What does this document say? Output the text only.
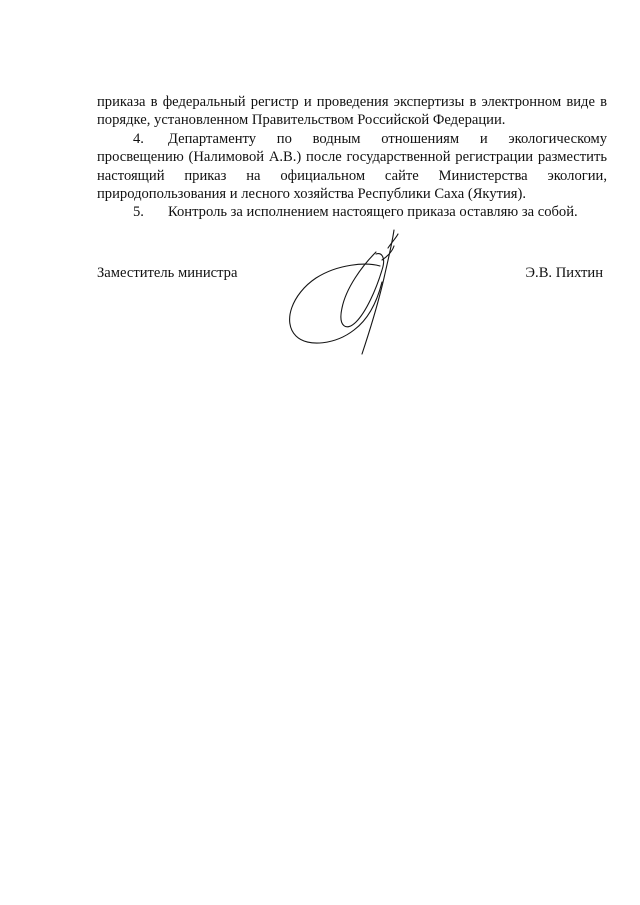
приказа в федеральный регистр и проведения экспертизы в электронном виде в порядке, установленном Правительством Российской Федерации.

4. Департаменту по водным отношениям и экологическому просвещению (Налимовой А.В.) после государственной регистрации разместить настоящий приказ на официальном сайте Министерства экологии, природопользования и лесного хозяйства Республики Саха (Якутия).

5. Контроль за исполнением настоящего приказа оставляю за собой.

Заместитель министра	Э.В. Пихтин
